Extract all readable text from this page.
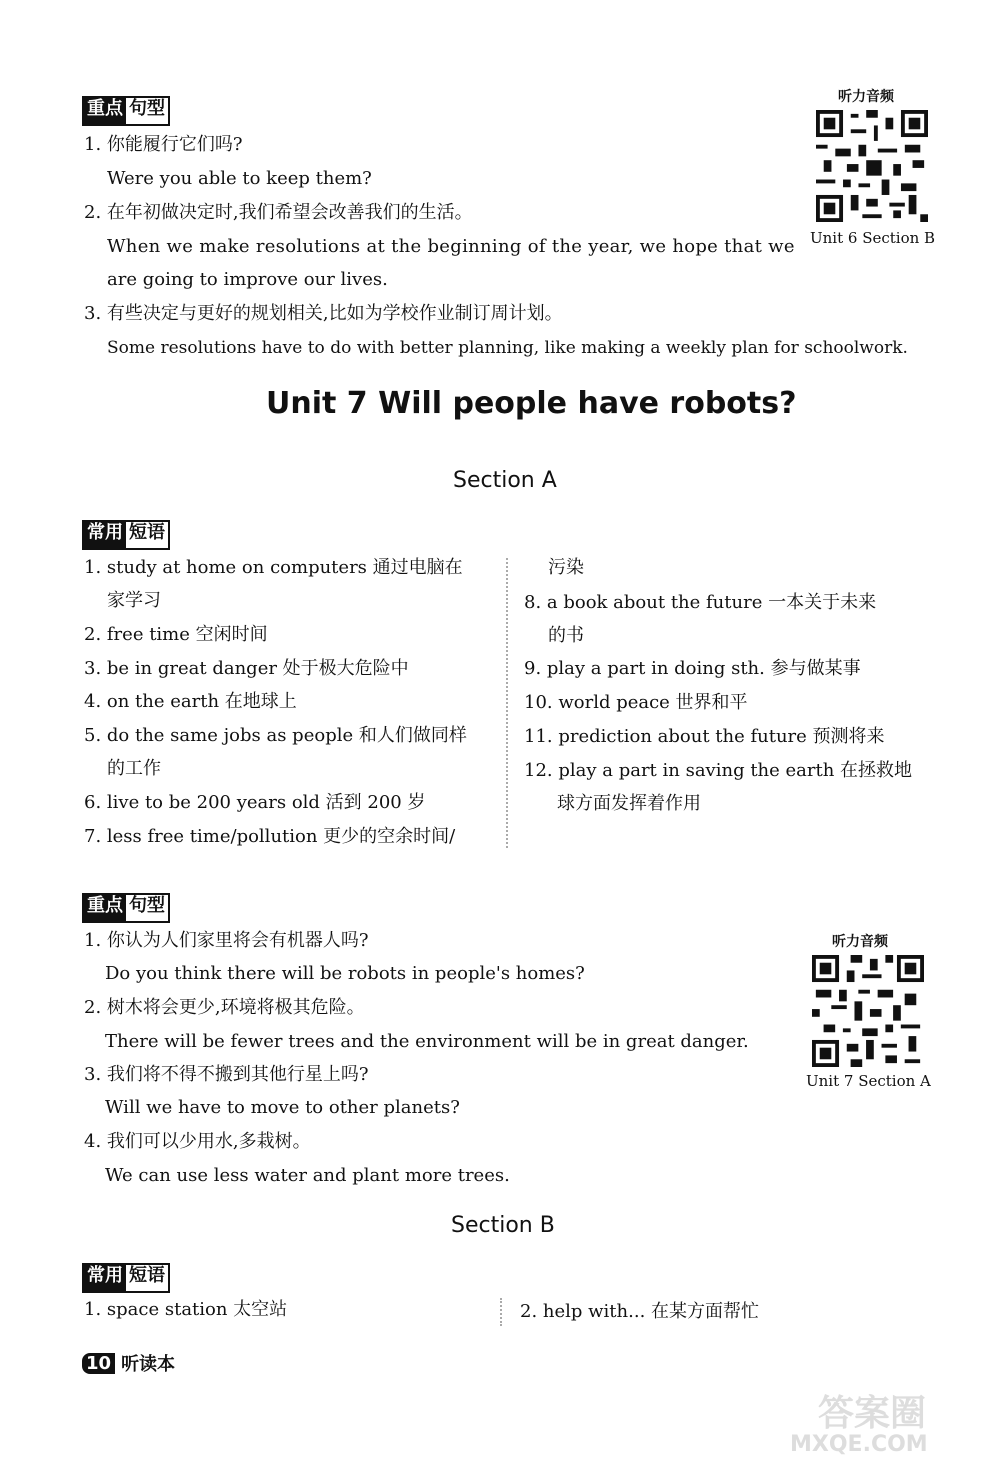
重点 句型
1. 你能履行它们吗?
Were you able to keep them?
2. 在年初做决定时,我们希望会改善我们的生活。
When we make resolutions at the beginning of the year, we hope that we
are going to improve our lives.
3. 有些决定与更好的规划相关,比如为学校作业制订周计划。
Some resolutions have to do with better planning, like making a weekly plan for schoolwork.
听力音频
Unit 6 Section B
Unit 7 Will people have robots?
Section A
常用 短语
1. study at home on computers 通过电脑在
家学习
2. free time 空闲时间
3. be in great danger 处于极大危险中
4. on the earth 在地球上
5. do the same jobs as people 和人们做同样
的工作
6. live to be 200 years old 活到 200 岁
7. less free time/pollution 更少的空余时间/
污染
8. a book about the future 一本关于未来
的书
9. play a part in doing sth. 参与做某事
10. world peace 世界和平
11. prediction about the future 预测将来
12. play a part in saving the earth 在拯救地
球方面发挥着作用
重点 句型
1. 你认为人们家里将会有机器人吗?
Do you think there will be robots in people's homes?
2. 树木将会更少,环境将极其危险。
There will be fewer trees and the environment will be in great danger.
3. 我们将不得不搬到其他行星上吗?
Will we have to move to other planets?
4. 我们可以少用水,多栽树。
We can use less water and plant more trees.
听力音频
Unit 7 Section A
Section B
常用 短语
1. space station 太空站	2. help with... 在某方面帮忙
10 听读本
答案圈
MXQE.COM
